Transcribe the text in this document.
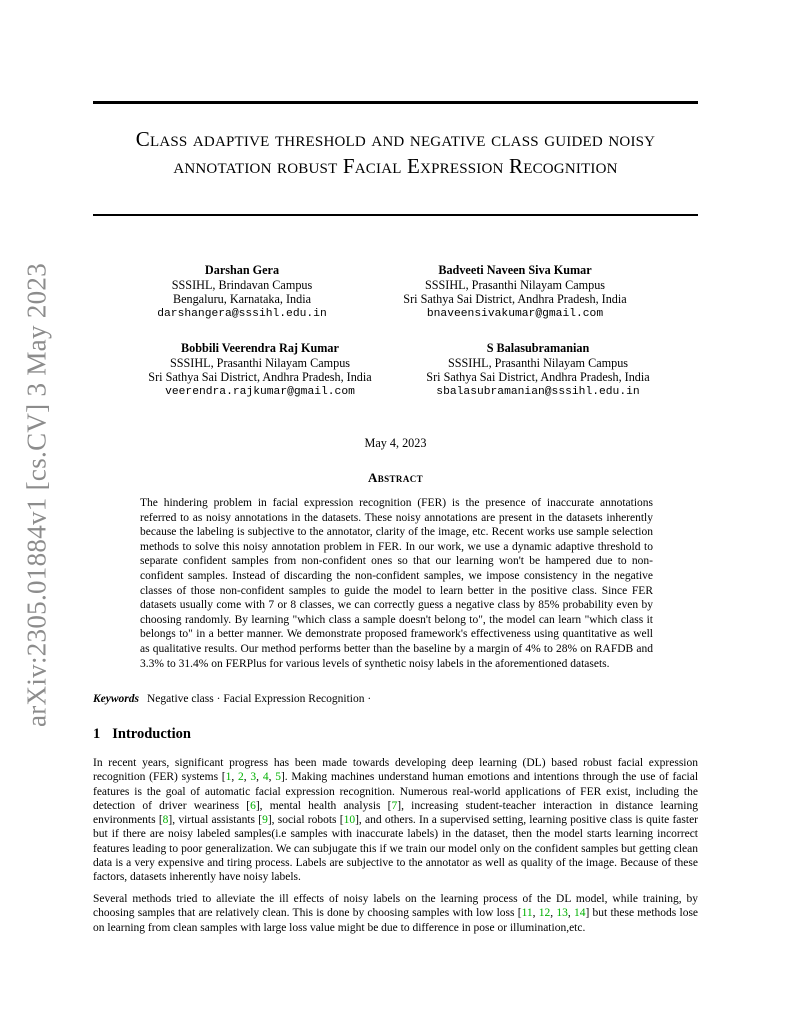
Class adaptive threshold and negative class guided noisy annotation robust Facial Expression Recognition
arXiv:2305.01884v1 [cs.CV] 3 May 2023	Darshan Gera
SSSIHL, Brindavan Campus
Bengaluru, Karnataka, India
darshangera@sssihl.edu.in
Badveeti Naveen Siva Kumar
SSSIHL, Prasanthi Nilayam Campus
Sri Sathya Sai District, Andhra Pradesh, India
bnaveensivakumar@gmail.com
Bobbili Veerendra Raj Kumar
SSSIHL, Prasanthi Nilayam Campus
Sri Sathya Sai District, Andhra Pradesh, India
veerendra.rajkumar@gmail.com
S Balasubramanian
SSSIHL, Prasanthi Nilayam Campus
Sri Sathya Sai District, Andhra Pradesh, India
sbalasubramanian@sssihl.edu.in
May 4, 2023
Abstract
The hindering problem in facial expression recognition (FER) is the presence of inaccurate annotations referred to as noisy annotations in the datasets. These noisy annotations are present in the datasets inherently because the labeling is subjective to the annotator, clarity of the image, etc. Recent works use sample selection methods to solve this noisy annotation problem in FER. In our work, we use a dynamic adaptive threshold to separate confident samples from non-confident ones so that our learning won't be hampered due to non-confident samples. Instead of discarding the non-confident samples, we impose consistency in the negative classes of those non-confident samples to guide the model to learn better in the positive class. Since FER datasets usually come with 7 or 8 classes, we can correctly guess a negative class by 85% probability even by choosing randomly. By learning "which class a sample doesn't belong to", the model can learn "which class it belongs to" in a better manner. We demonstrate proposed framework's effectiveness using quantitative as well as qualitative results. Our method performs better than the baseline by a margin of 4% to 28% on RAFDB and 3.3% to 31.4% on FERPlus for various levels of synthetic noisy labels in the aforementioned datasets.
Keywords Negative class · Facial Expression Recognition ·
1 Introduction
In recent years, significant progress has been made towards developing deep learning (DL) based robust facial expression recognition (FER) systems [1, 2, 3, 4, 5]. Making machines understand human emotions and intentions through the use of facial features is the goal of automatic facial expression recognition. Numerous real-world applications of FER exist, including the detection of driver weariness [6], mental health analysis [7], increasing student-teacher interaction in distance learning environments [8], virtual assistants [9], social robots [10], and others. In a supervised setting, learning positive class is quite faster but if there are noisy labeled samples(i.e samples with inaccurate labels) in the dataset, then the model starts learning incorrect features leading to poor generalization. We can subjugate this if we train our model only on the confident samples but getting clean data is a very expensive and tiring process. Labels are subjective to the annotator as well as quality of the image. Because of these factors, datasets inherently have noisy labels.
Several methods tried to alleviate the ill effects of noisy labels on the learning process of the DL model, while training, by choosing samples that are relatively clean. This is done by choosing samples with low loss [11, 12, 13, 14] but these methods lose on learning from clean samples with large loss value might be due to difference in pose or illumination,etc.
